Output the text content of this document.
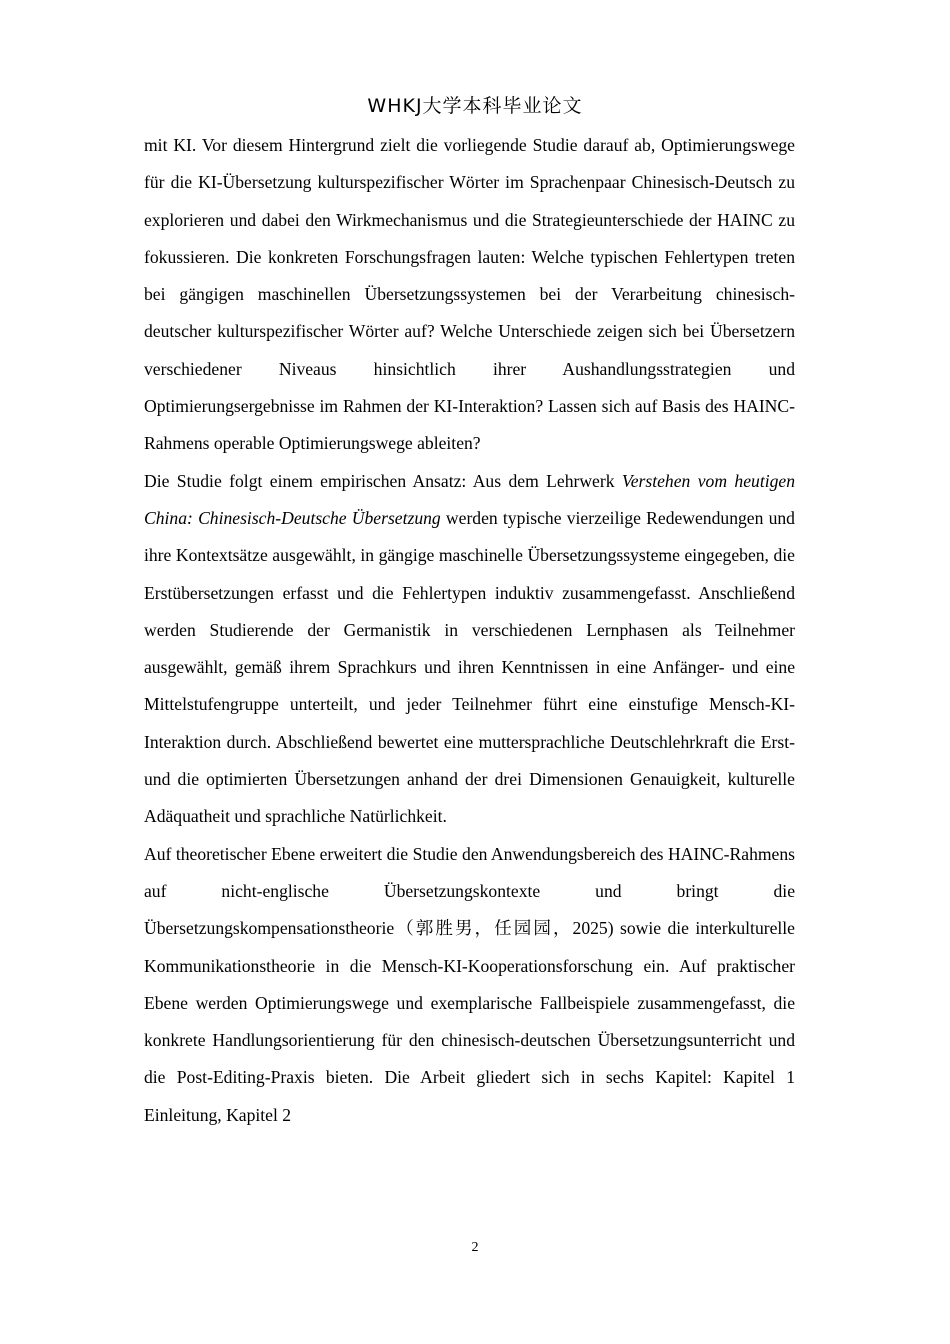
WHKJ大学本科毕业论文

mit KI. Vor diesem Hintergrund zielt die vorliegende Studie darauf ab, Optimierungswege für die KI-Übersetzung kulturspezifischer Wörter im Sprachenpaar Chinesisch-Deutsch zu explorieren und dabei den Wirkmechanismus und die Strategieunterschiede der HAINC zu fokussieren. Die konkreten Forschungsfragen lauten: Welche typischen Fehlertypen treten bei gängigen maschinellen Übersetzungssystemen bei der Verarbeitung chinesisch-deutscher kulturspezifischer Wörter auf? Welche Unterschiede zeigen sich bei Übersetzern verschiedener Niveaus hinsichtlich ihrer Aushandlungsstrategien und Optimierungsergebnisse im Rahmen der KI-Interaktion? Lassen sich auf Basis des HAINC-Rahmens operable Optimierungswege ableiten?

Die Studie folgt einem empirischen Ansatz: Aus dem Lehrwerk Verstehen vom heutigen China: Chinesisch-Deutsche Übersetzung werden typische vierzeilige Redewendungen und ihre Kontextsätze ausgewählt, in gängige maschinelle Übersetzungssysteme eingegeben, die Erstübersetzungen erfasst und die Fehlertypen induktiv zusammengefasst. Anschließend werden Studierende der Germanistik in verschiedenen Lernphasen als Teilnehmer ausgewählt, gemäß ihrem Sprachkurs und ihren Kenntnissen in eine Anfänger- und eine Mittelstufengruppe unterteilt, und jeder Teilnehmer führt eine einstufige Mensch-KI-Interaktion durch. Abschließend bewertet eine muttersprachliche Deutschlehrkraft die Erst- und die optimierten Übersetzungen anhand der drei Dimensionen Genauigkeit, kulturelle Adäquatheit und sprachliche Natürlichkeit.

Auf theoretischer Ebene erweitert die Studie den Anwendungsbereich des HAINC-Rahmens auf nicht-englische Übersetzungskontexte und bringt die Übersetzungskompensationstheorie（郭胜男，任园园，2025) sowie die interkulturelle Kommunikationstheorie in die Mensch-KI-Kooperationsforschung ein. Auf praktischer Ebene werden Optimierungswege und exemplarische Fallbeispiele zusammengefasst, die konkrete Handlungsorientierung für den chinesisch-deutschen Übersetzungsunterricht und die Post-Editing-Praxis bieten. Die Arbeit gliedert sich in sechs Kapitel: Kapitel 1 Einleitung, Kapitel 2

2
